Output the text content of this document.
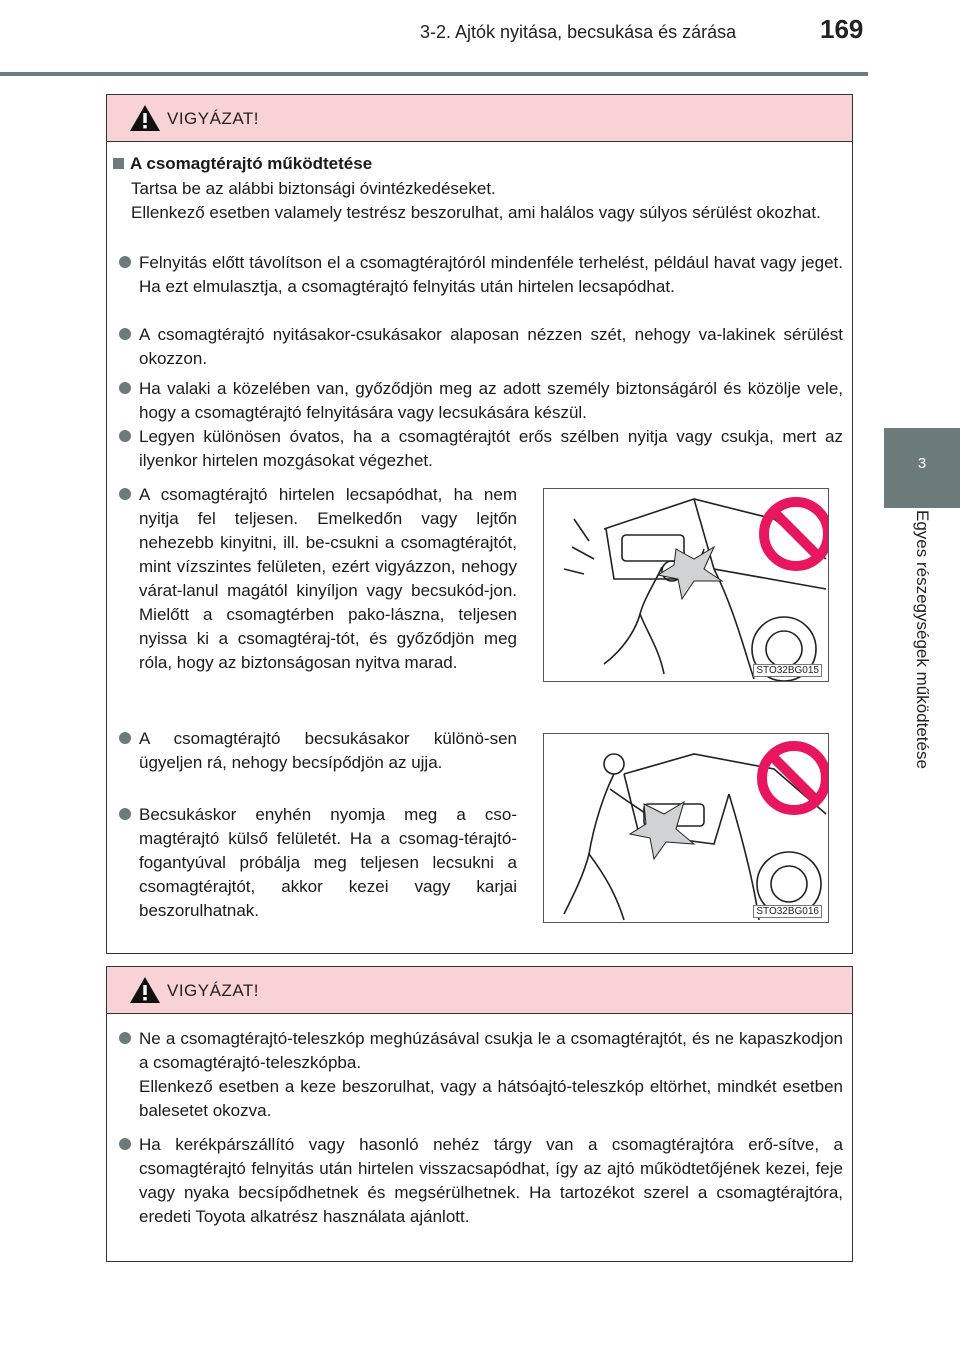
3-2. Ajtók nyitása, becsukása és zárása	169
3
Egyes részegységek működtetése
VIGYÁZAT!
A csomagtérajtó működtetése

Tartsa be az alábbi biztonsági óvintézkedéseket.

Ellenkező esetben valamely testrész beszorulhat, ami halálos vagy súlyos sérülést okozhat.

Felnyitás előtt távolítson el a csomagtérajtóról mindenféle terhelést, például havat vagy jeget. Ha ezt elmulasztja, a csomagtérajtó felnyitás után hirtelen lecsapódhat.
A csomagtérajtó nyitásakor-csukásakor alaposan nézzen szét, nehogy va-lakinek sérülést okozzon.
Ha valaki a közelében van, győződjön meg az adott személy biztonságáról és közölje vele, hogy a csomagtérajtó felnyitására vagy lecsukására készül.
Legyen különösen óvatos, ha a csomagtérajtót erős szélben nyitja vagy csukja, mert az ilyenkor hirtelen mozgásokat végezhet.
A csomagtérajtó hirtelen lecsapódhat, ha nem nyitja fel teljesen. Emelkedőn vagy lejtőn nehezebb kinyitni, ill. be-csukni a csomagtérajtót, mint vízszintes felületen, ezért vigyázzon, nehogy várat-lanul magától kinyíljon vagy becsukód-jon. Mielőtt a csomagtérben pako-lászna, teljesen nyissa ki a csomagtéraj-tót, és győződjön meg róla, hogy az biztonságosan nyitva marad.
A csomagtérajtó becsukásakor különö-sen ügyeljen rá, nehogy becsípődjön az ujja.
Becsukáskor enyhén nyomja meg a cso-magtérajtó külső felületét. Ha a csomag-térajtó-fogantyúval próbálja meg teljesen lecsukni a csomagtérajtót, akkor kezei vagy karjai beszorulhatnak.
STO32BG015
STO32BG016
VIGYÁZAT!
Ne a csomagtérajtó-teleszkóp meghúzásával csukja le a csomagtérajtót, és ne kapaszkodjon a csomagtérajtó-teleszkópba.

Ellenkező esetben a keze beszorulhat, vagy a hátsóajtó-teleszkóp eltörhet, mindkét esetben balesetet okozva.

Ha kerékpárszállító vagy hasonló nehéz tárgy van a csomagtérajtóra erő-sítve, a csomagtérajtó felnyitás után hirtelen visszacsapódhat, így az ajtó működtetőjének kezei, feje vagy nyaka becsípődhetnek és megsérülhetnek. Ha tartozékot szerel a csomagtérajtóra, eredeti Toyota alkatrész használata ajánlott.
